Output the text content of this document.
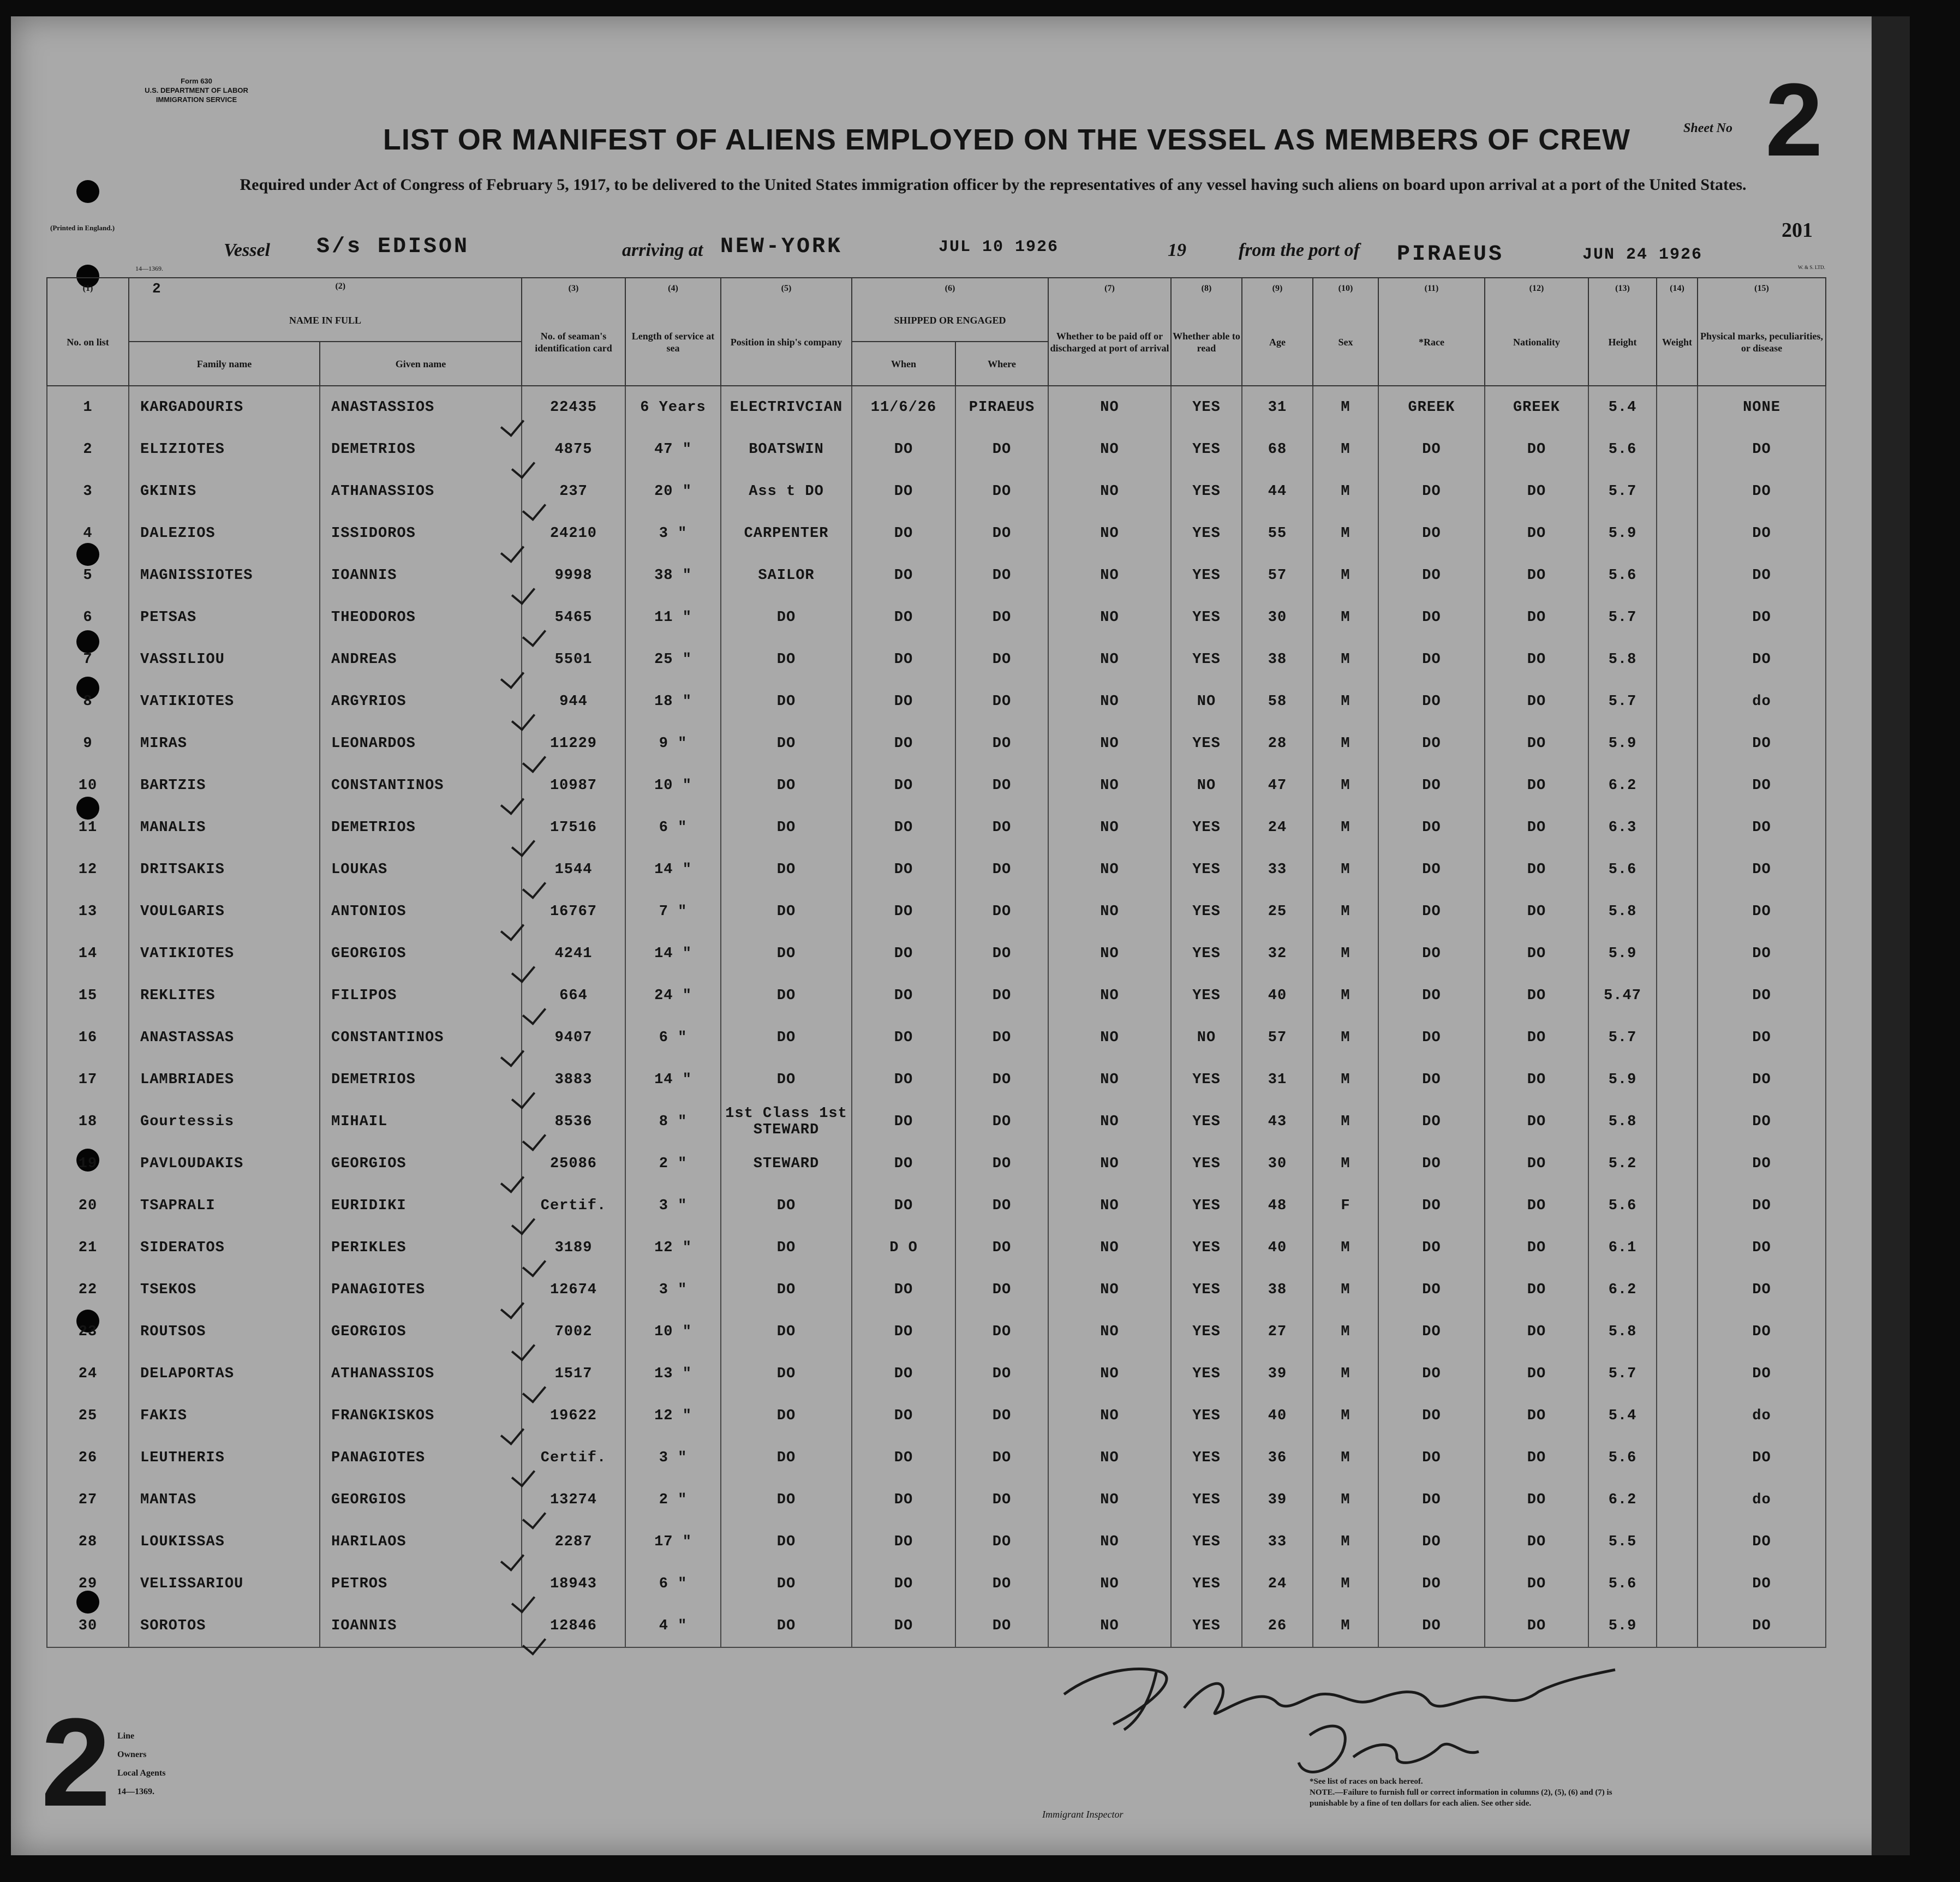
Form 630
U.S. DEPARTMENT OF LABOR
IMMIGRATION SERVICE
(Printed in England.)
14—1369.	W. & S. LTD.
LIST OR MANIFEST OF ALIENS EMPLOYED ON THE VESSEL AS MEMBERS OF CREW
Required under Act of Congress of February 5, 1917, to be delivered to the United States immigration officer by the representatives of any vessel having such aliens on board upon arrival at a port of the United States.
Sheet No 2
201
Vessel S/s EDISON	arriving at NEW-YORK	JUL 10 1926	19	from the port of PIRAEUS	JUN 24 1926
(1)	2 (2)		(3)	(4)	(5)	(6)		(7)	(8)	(9)	(10)	(11)	(12)	(13)	(14)	(15)
No. on list	NAME IN FULL		No. of seaman's identification card	Length of service at sea	Position in ship's company	SHIPPED OR ENGAGED		Whether to be paid off or discharged at port of arrival	Whether able to read	Age	Sex	*Race	Nationality	Height	Weight	Physical marks, peculiarities, or disease
	Family name	Given name				When	Where									
1	KARGADOURIS	ANASTASSIOS	22435	6 Years	ELECTRIVCIAN	11/6/26	PIRAEUS	NO	YES	31	M	GREEK	GREEK	5.4		NONE
2	ELIZIOTES	DEMETRIOS	4875	47 "	BOATSWIN	DO	DO	NO	YES	68	M	DO	DO	5.6		DO
3	GKINIS	ATHANASSIOS	237	20 "	Ass t DO	DO	DO	NO	YES	44	M	DO	DO	5.7		DO
4	DALEZIOS	ISSIDOROS	24210	3 "	CARPENTER	DO	DO	NO	YES	55	M	DO	DO	5.9		DO
5	MAGNISSIOTES	IOANNIS	9998	38 "	SAILOR	DO	DO	NO	YES	57	M	DO	DO	5.6		DO
6	PETSAS	THEODOROS	5465	11 "	DO	DO	DO	NO	YES	30	M	DO	DO	5.7		DO
7	VASSILIOU	ANDREAS	5501	25 "	DO	DO	DO	NO	YES	38	M	DO	DO	5.8		DO
8	VATIKIOTES	ARGYRIOS	944	18 "	DO	DO	DO	NO	NO	58	M	DO	DO	5.7		do
9	MIRAS	LEONARDOS	11229	9 "	DO	DO	DO	NO	YES	28	M	DO	DO	5.9		DO
10	BARTZIS	CONSTANTINOS	10987	10 "	DO	DO	DO	NO	NO	47	M	DO	DO	6.2		DO
11	MANALIS	DEMETRIOS	17516	6 "	DO	DO	DO	NO	YES	24	M	DO	DO	6.3		DO
12	DRITSAKIS	LOUKAS	1544	14 "	DO	DO	DO	NO	YES	33	M	DO	DO	5.6		DO
13	VOULGARIS	ANTONIOS	16767	7 "	DO	DO	DO	NO	YES	25	M	DO	DO	5.8		DO
14	VATIKIOTES	GEORGIOS	4241	14 "	DO	DO	DO	NO	YES	32	M	DO	DO	5.9		DO
15	REKLITES	FILIPOS	664	24 "	DO	DO	DO	NO	YES	40	M	DO	DO	5.47		DO
16	ANASTASSAS	CONSTANTINOS	9407	6 "	DO	DO	DO	NO	NO	57	M	DO	DO	5.7		DO
17	LAMBRIADES	DEMETRIOS	3883	14 "	DO	DO	DO	NO	YES	31	M	DO	DO	5.9		DO
18	Gourtessis	MIHAIL	8536	8 "	1st Class 1st STEWARD	DO	DO	NO	YES	43	M	DO	DO	5.8		DO
19	PAVLOUDAKIS	GEORGIOS	25086	2 "	STEWARD	DO	DO	NO	YES	30	M	DO	DO	5.2		DO
20	TSAPRALI	EURIDIKI	Certif.	3 "	DO	DO	DO	NO	YES	48	F	DO	DO	5.6		DO
21	SIDERATOS	PERIKLES	3189	12 "	DO	D O	DO	NO	YES	40	M	DO	DO	6.1		DO
22	TSEKOS	PANAGIOTES	12674	3 "	DO	DO	DO	NO	YES	38	M	DO	DO	6.2		DO
23	ROUTSOS	GEORGIOS	7002	10 "	DO	DO	DO	NO	YES	27	M	DO	DO	5.8		DO
24	DELAPORTAS	ATHANASSIOS	1517	13 "	DO	DO	DO	NO	YES	39	M	DO	DO	5.7		DO
25	FAKIS	FRANGKISKOS	19622	12 "	DO	DO	DO	NO	YES	40	M	DO	DO	5.4		do
26	LEUTHERIS	PANAGIOTES	Certif.	3 "	DO	DO	DO	NO	YES	36	M	DO	DO	5.6		DO
27	MANTAS	GEORGIOS	13274	2 "	DO	DO	DO	NO	YES	39	M	DO	DO	6.2		do
28	LOUKISSAS	HARILAOS	2287	17 "	DO	DO	DO	NO	YES	33	M	DO	DO	5.5		DO
29	VELISSARIOU	PETROS	18943	6 "	DO	DO	DO	NO	YES	24	M	DO	DO	5.6		DO
30	SOROTOS	IOANNIS	12846	4 "	DO	DO	DO	NO	YES	26	M	DO	DO	5.9		DO
2 Line
Owners
Local Agents
14—1369.
Immigrant Inspector
*See list of races on back hereof.
NOTE.—Failure to furnish full or correct information in columns (2), (5), (6) and (7) is punishable by a fine of ten dollars for each alien. See other side.
